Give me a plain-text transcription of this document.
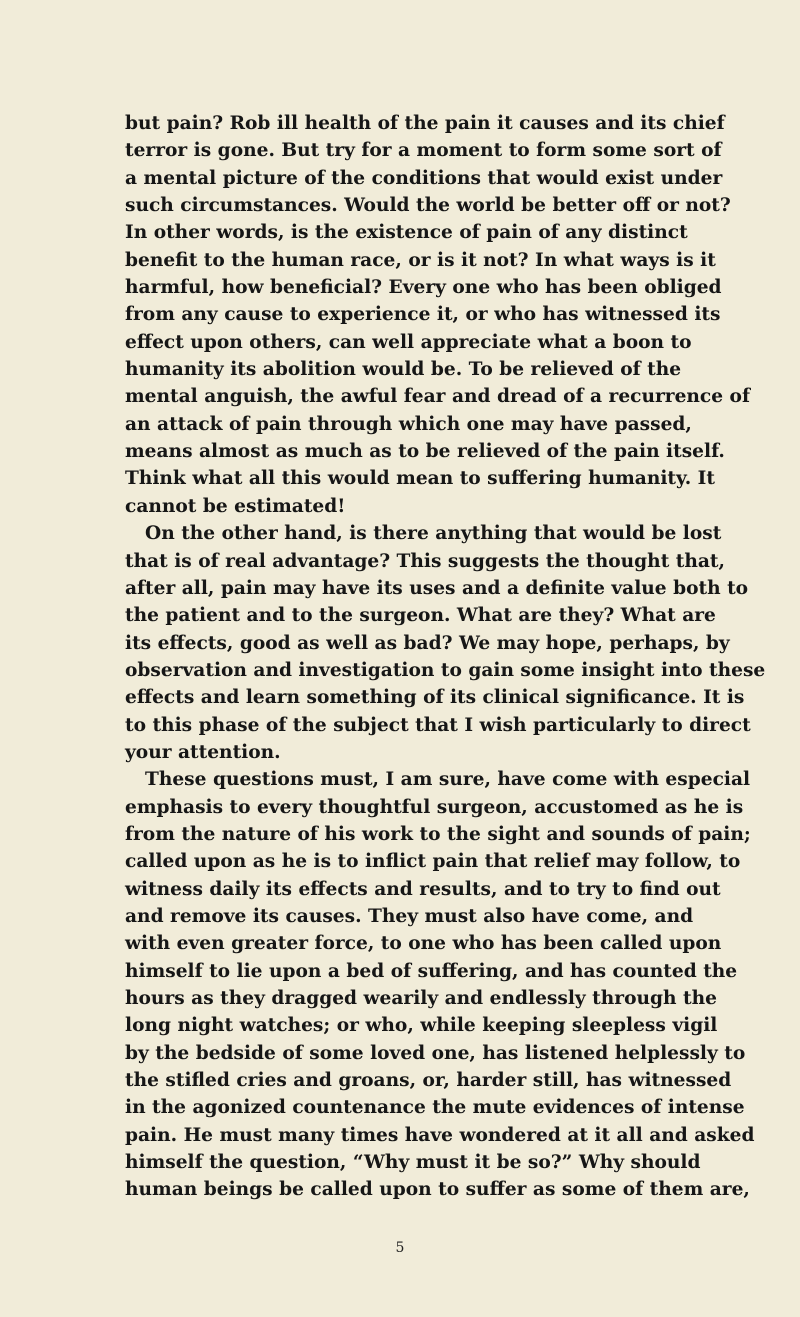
but pain? Rob ill health of the pain it causes and its chief
terror is gone. But try for a moment to form some sort of
a mental picture of the conditions that would exist under
such circumstances. Would the world be better off or not?
In other words, is the existence of pain of any distinct
benefit to the human race, or is it not? In what ways is it
harmful, how beneficial? Every one who has been obliged
from any cause to experience it, or who has witnessed its
effect upon others, can well appreciate what a boon to
humanity its abolition would be. To be relieved of the
mental anguish, the awful fear and dread of a recurrence of
an attack of pain through which one may have passed,
means almost as much as to be relieved of the pain itself.
Think what all this would mean to suffering humanity. It
cannot be estimated!
On the other hand, is there anything that would be lost
that is of real advantage? This suggests the thought that,
after all, pain may have its uses and a definite value both to
the patient and to the surgeon. What are they? What are
its effects, good as well as bad? We may hope, perhaps, by
observation and investigation to gain some insight into these
effects and learn something of its clinical significance. It is
to this phase of the subject that I wish particularly to direct
your attention.
These questions must, I am sure, have come with especial
emphasis to every thoughtful surgeon, accustomed as he is
from the nature of his work to the sight and sounds of pain;
called upon as he is to inflict pain that relief may follow, to
witness daily its effects and results, and to try to find out
and remove its causes. They must also have come, and
with even greater force, to one who has been called upon
himself to lie upon a bed of suffering, and has counted the
hours as they dragged wearily and endlessly through the
long night watches; or who, while keeping sleepless vigil
by the bedside of some loved one, has listened helplessly to
the stifled cries and groans, or, harder still, has witnessed
in the agonized countenance the mute evidences of intense
pain. He must many times have wondered at it all and asked
himself the question, “Why must it be so?” Why should
human beings be called upon to suffer as some of them are,
5
